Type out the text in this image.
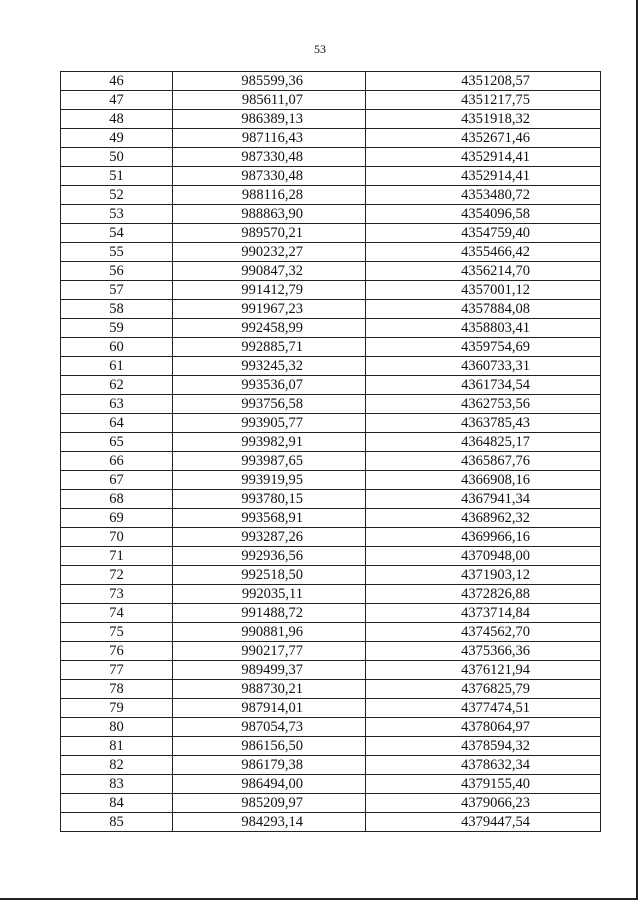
53
46	985599,36	4351208,57
47	985611,07	4351217,75
48	986389,13	4351918,32
49	987116,43	4352671,46
50	987330,48	4352914,41
51	987330,48	4352914,41
52	988116,28	4353480,72
53	988863,90	4354096,58
54	989570,21	4354759,40
55	990232,27	4355466,42
56	990847,32	4356214,70
57	991412,79	4357001,12
58	991967,23	4357884,08
59	992458,99	4358803,41
60	992885,71	4359754,69
61	993245,32	4360733,31
62	993536,07	4361734,54
63	993756,58	4362753,56
64	993905,77	4363785,43
65	993982,91	4364825,17
66	993987,65	4365867,76
67	993919,95	4366908,16
68	993780,15	4367941,34
69	993568,91	4368962,32
70	993287,26	4369966,16
71	992936,56	4370948,00
72	992518,50	4371903,12
73	992035,11	4372826,88
74	991488,72	4373714,84
75	990881,96	4374562,70
76	990217,77	4375366,36
77	989499,37	4376121,94
78	988730,21	4376825,79
79	987914,01	4377474,51
80	987054,73	4378064,97
81	986156,50	4378594,32
82	986179,38	4378632,34
83	986494,00	4379155,40
84	985209,97	4379066,23
85	984293,14	4379447,54
